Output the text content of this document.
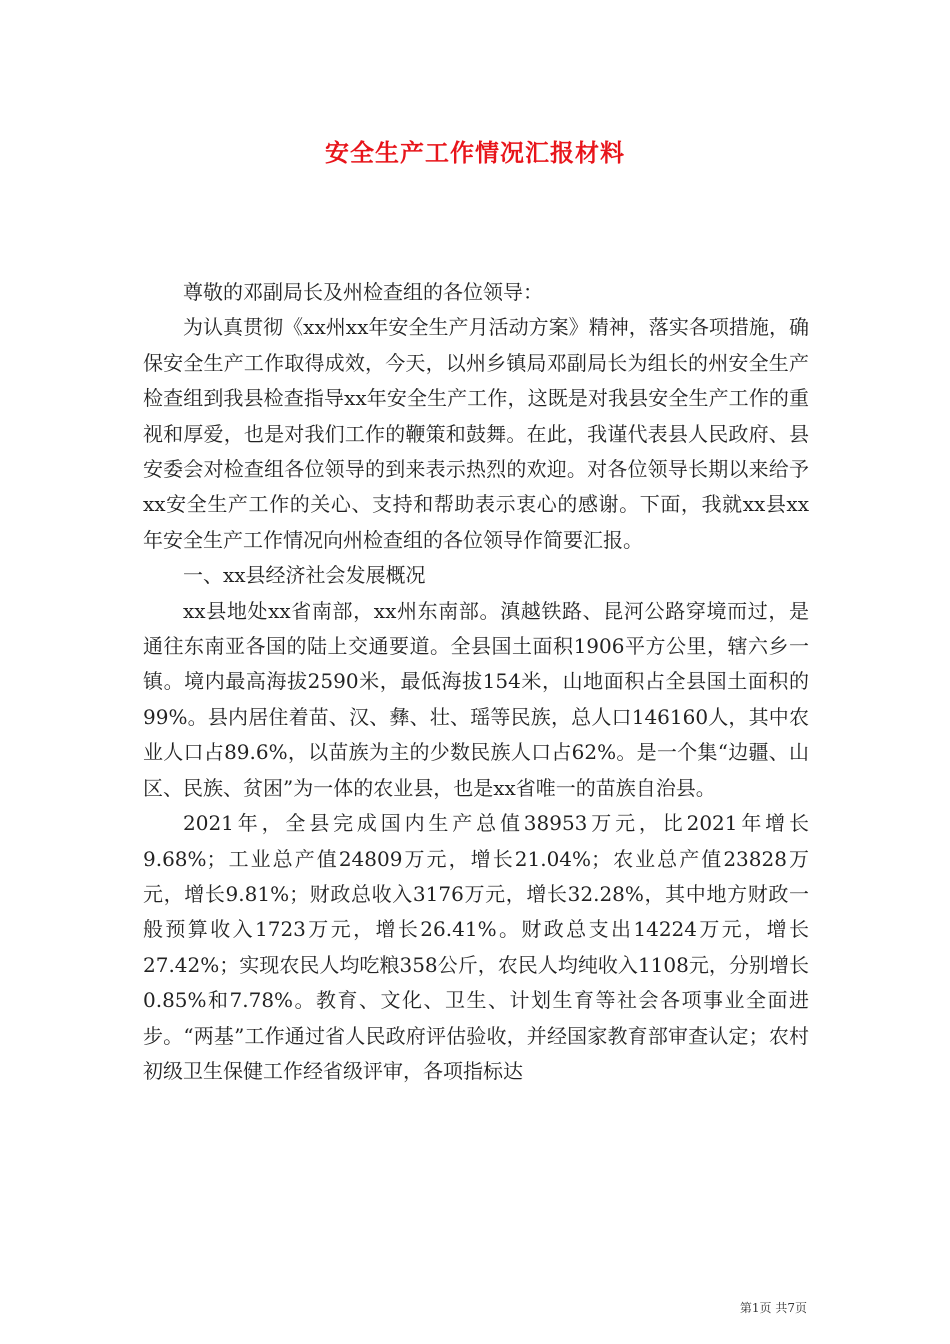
安全生产工作情况汇报材料

尊敬的邓副局长及州检查组的各位领导：

为认真贯彻《xx州xx年安全生产月活动方案》精神，落实各项措施，确保安全生产工作取得成效，今天，以州乡镇局邓副局长为组长的州安全生产检查组到我县检查指导xx年安全生产工作，这既是对我县安全生产工作的重视和厚爱，也是对我们工作的鞭策和鼓舞。在此，我谨代表县人民政府、县安委会对检查组各位领导的到来表示热烈的欢迎。对各位领导长期以来给予xx安全生产工作的关心、支持和帮助表示衷心的感谢。下面，我就xx县xx年安全生产工作情况向州检查组的各位领导作简要汇报。

一、xx县经济社会发展概况

xx县地处xx省南部，xx州东南部。滇越铁路、昆河公路穿境而过，是通往东南亚各国的陆上交通要道。全县国土面积1906平方公里，辖六乡一镇。境内最高海拔2590米，最低海拔154米，山地面积占全县国土面积的99%。县内居住着苗、汉、彝、壮、瑶等民族，总人口146160人，其中农业人口占89.6%，以苗族为主的少数民族人口占62%。是一个集“边疆、山区、民族、贫困”为一体的农业县，也是xx省唯一的苗族自治县。

2021年，全县完成国内生产总值38953万元，比2021年增长9.68%；工业总产值24809万元，增长21.04%；农业总产值23828万元，增长9.81%；财政总收入3176万元，增长32.28%，其中地方财政一般预算收入1723万元，增长26.41%。财政总支出14224万元，增长27.42%；实现农民人均吃粮358公斤，农民人均纯收入1108元，分别增长0.85%和7.78%。教育、文化、卫生、计划生育等社会各项事业全面进步。“两基”工作通过省人民政府评估验收，并经国家教育部审查认定；农村初级卫生保健工作经省级评审，各项指标达

第1页 共7页
